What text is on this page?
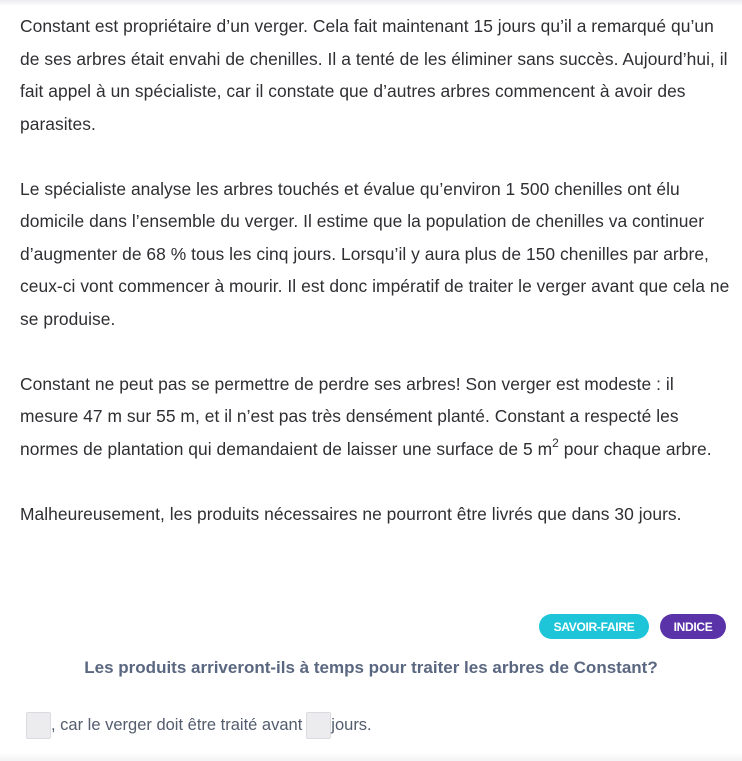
Constant est propriétaire d’un verger. Cela fait maintenant 15 jours qu’il a remarqué qu’un de ses arbres était envahi de chenilles. Il a tenté de les éliminer sans succès. Aujourd’hui, il fait appel à un spécialiste, car il constate que d’autres arbres commencent à avoir des parasites.

Le spécialiste analyse les arbres touchés et évalue qu’environ 1 500 chenilles ont élu domicile dans l’ensemble du verger. Il estime que la population de chenilles va continuer d’augmenter de 68 % tous les cinq jours. Lorsqu’il y aura plus de 150 chenilles par arbre, ceux-ci vont commencer à mourir. Il est donc impératif de traiter le verger avant que cela ne se produise.

Constant ne peut pas se permettre de perdre ses arbres! Son verger est modeste : il mesure 47 m sur 55 m, et il n’est pas très densément planté. Constant a respecté les normes de plantation qui demandaient de laisser une surface de 5 $m^2$ pour chaque arbre.

Malheureusement, les produits nécessaires ne pourront être livrés que dans 30 jours.

SAVOIR-FAIRE	INDICE
Les produits arriveront-ils à temps pour traiter les arbres de Constant?
, car le verger doit être traité avant jours.
